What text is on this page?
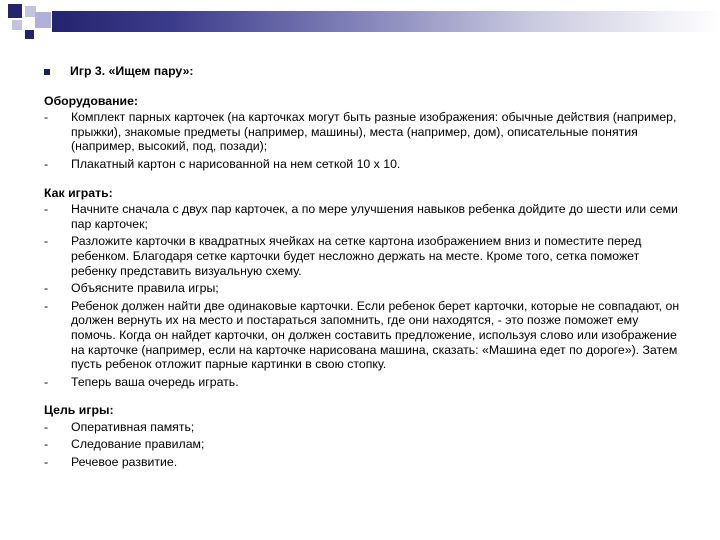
Игр 3. «Ищем пару»:
Оборудование:
-	Комплект парных карточек (на карточках могут быть разные изображения: обычные действия (например, прыжки), знакомые предметы (например, машины), места (например, дом), описательные понятия (например, высокий, под, позади);
-	Плакатный картон с нарисованной на нем сеткой 10 х 10.
Как играть:
-	Начните сначала с двух пар карточек, а по мере улучшения навыков ребенка дойдите до шести или семи пар карточек;
-	Разложите карточки в квадратных ячейках на сетке картона изображением вниз и поместите перед ребенком. Благодаря сетке карточки будет несложно держать на месте. Кроме того, сетка поможет ребенку представить визуальную схему.
-	Объясните правила игры;
-	Ребенок должен найти две одинаковые карточки. Если ребенок берет карточки, которые не совпадают, он должен вернуть их на место и постараться запомнить, где они находятся, - это позже поможет ему помочь. Когда он найдет карточки, он должен составить предложение, используя слово или изображение на карточке (например, если на карточке нарисована машина, сказать: «Машина едет по дороге»). Затем пусть ребенок отложит парные картинки в свою стопку.
-	Теперь ваша очередь играть.
Цель игры:
-	Оперативная память;
-	Следование правилам;
-	Речевое развитие.
